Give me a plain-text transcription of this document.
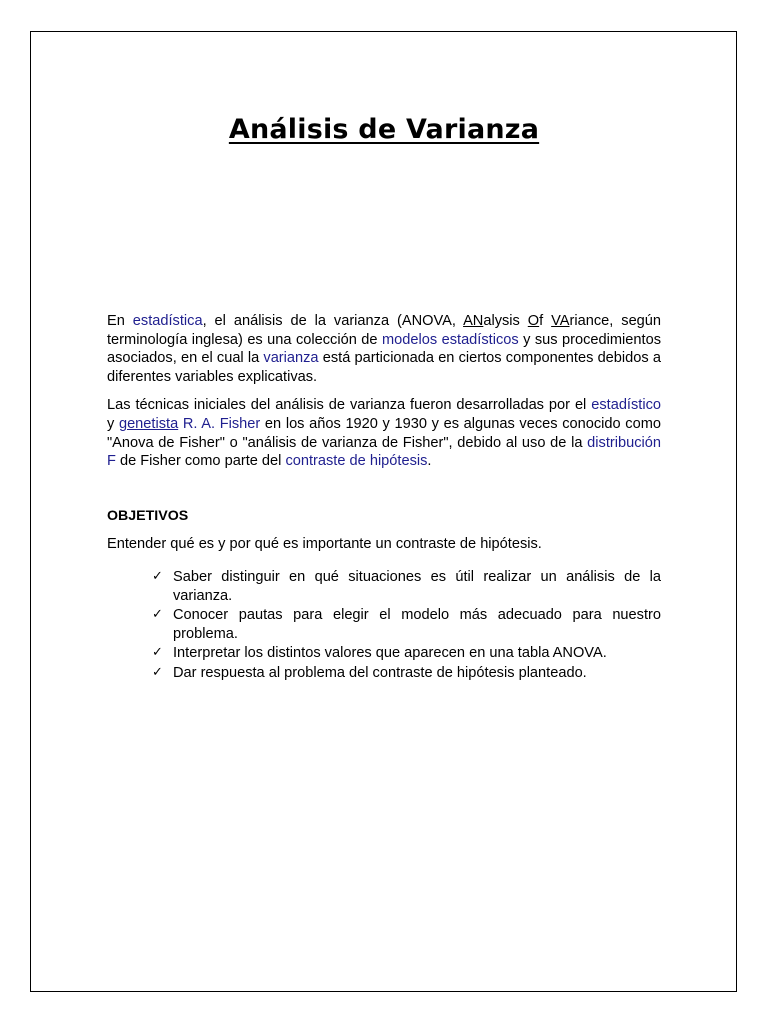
Análisis de Varianza

En estadística, el análisis de la varianza (ANOVA, ANalysis Of VAriance, según terminología inglesa) es una colección de modelos estadísticos y sus procedimientos asociados, en el cual la varianza está particionada en ciertos componentes debidos a diferentes variables explicativas.

Las técnicas iniciales del análisis de varianza fueron desarrolladas por el estadístico y genetista R. A. Fisher en los años 1920 y 1930 y es algunas veces conocido como "Anova de Fisher" o "análisis de varianza de Fisher", debido al uso de la distribución F de Fisher como parte del contraste de hipótesis.

OBJETIVOS

Entender qué es y por qué es importante un contraste de hipótesis.

✓ Saber distinguir en qué situaciones es útil realizar un análisis de la varianza.
✓ Conocer pautas para elegir el modelo más adecuado para nuestro problema.
✓ Interpretar los distintos valores que aparecen en una tabla ANOVA.
✓ Dar respuesta al problema del contraste de hipótesis planteado.
